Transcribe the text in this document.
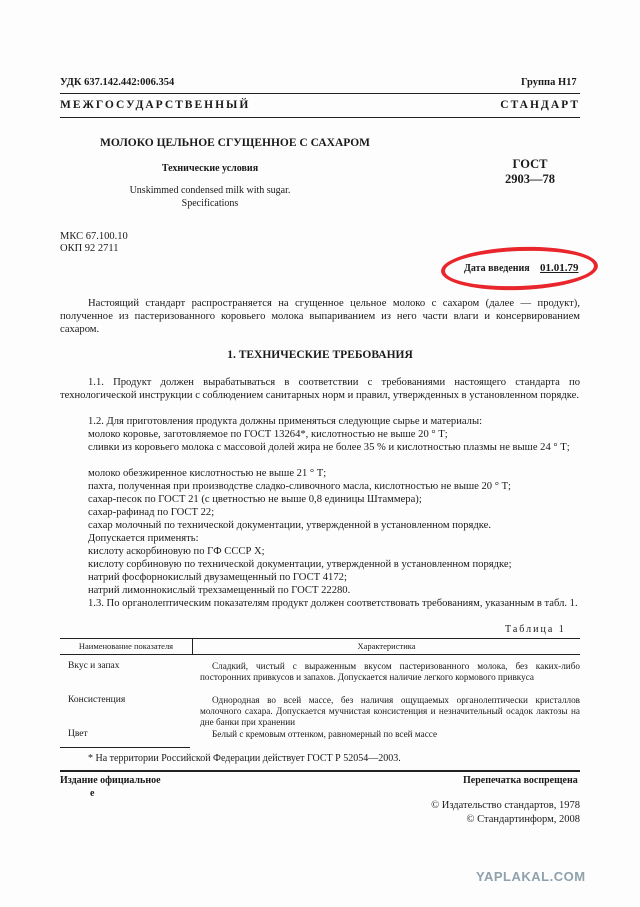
УДК 637.142.442:006.354	Группа Н17
МЕЖГОСУДАРСТВЕННЫЙ СТАНДАРТ
МОЛОКО ЦЕЛЬНОЕ СГУЩЕННОЕ С САХАРОМ
Технические условия
Unskimmed condensed milk with sugar.
Specifications
ГОСТ
2903—78
МКС 67.100.10
ОКП 92 2711
Дата введения 01.01.79
Настоящий стандарт распространяется на сгущенное цельное молоко с сахаром (далее — продукт), полученное из пастеризованного коровьего молока выпариванием из него части влаги и консервированием сахаром.
1. ТЕХНИЧЕСКИЕ ТРЕБОВАНИЯ
1.1. Продукт должен вырабатываться в соответствии с требованиями настоящего стандарта по технологической инструкции с соблюдением санитарных норм и правил, утвержденных в установленном порядке.
1.2. Для приготовления продукта должны применяться следующие сырье и материалы:
молоко коровье, заготовляемое по ГОСТ 13264*, кислотностью не выше 20 ° Т;
сливки из коровьего молока с массовой долей жира не более 35 % и кислотностью плазмы не выше 24 ° Т;
молоко обезжиренное кислотностью не выше 21 ° Т;
пахта, полученная при производстве сладко-сливочного масла, кислотностью не выше 20 ° Т;
сахар-песок по ГОСТ 21 (с цветностью не выше 0,8 единицы Штаммера);
сахар-рафинад по ГОСТ 22;
сахар молочный по технической документации, утвержденной в установленном порядке.
Допускается применять:
кислоту аскорбиновую по ГФ СССР X;
кислоту сорбиновую по технической документации, утвержденной в установленном порядке;
натрий фосфорнокислый двузамещенный по ГОСТ 4172;
натрий лимоннокислый трехзамещенный по ГОСТ 22280.
1.3. По органолептическим показателям продукт должен соответствовать требованиям, указанным в табл. 1.
Таблица 1
Наименование показателя	Характеристика
Вкус и запах	Сладкий, чистый с выраженным вкусом пастеризованного молока, без каких-либо посторонних привкусов и запахов. Допускается наличие легкого кормового привкуса
Консистенция	Однородная во всей массе, без наличия ощущаемых органолептически кристаллов молочного сахара. Допускается мучнистая консистенция и незначительный осадок лактозы на дне банки при хранении
Цвет	Белый с кремовым оттенком, равномерный по всей массе
* На территории Российской Федерации действует ГОСТ Р 52054—2003.
Издание официальное
е
Перепечатка воспрещена
© Издательство стандартов, 1978
© Стандартинформ, 2008
YAPLAKAL.COM
